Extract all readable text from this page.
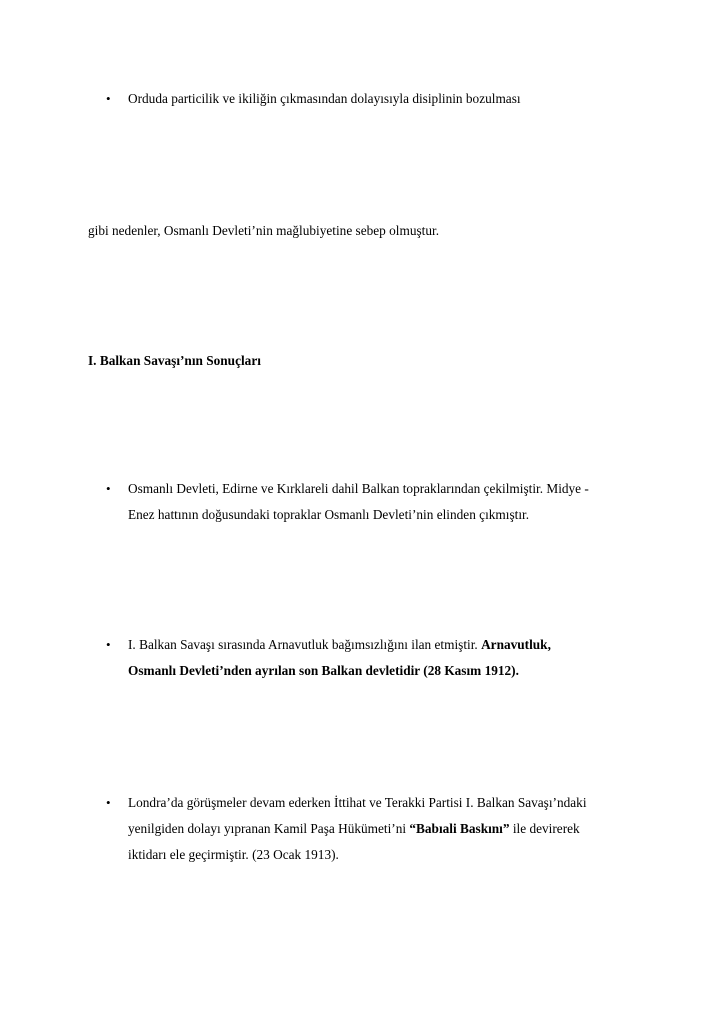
• Orduda particilik ve ikiliğin çıkmasından dolayısıyla disiplinin bozulması
gibi nedenler, Osmanlı Devleti’nin mağlubiyetine sebep olmuştur.
I. Balkan Savaşı’nın Sonuçları
• Osmanlı Devleti, Edirne ve Kırklareli dahil Balkan topraklarından çekilmiştir. Midye -
Enez hattının doğusundaki topraklar Osmanlı Devleti’nin elinden çıkmıştır.
• I. Balkan Savaşı sırasında Arnavutluk bağımsızlığını ilan etmiştir. Arnavutluk,
Osmanlı Devleti’nden ayrılan son Balkan devletidir (28 Kasım 1912).
• Londra’da görüşmeler devam ederken İttihat ve Terakki Partisi I. Balkan Savaşı’ndaki
yenilgiden dolayı yıpranan Kamil Paşa Hükümeti’ni “Babıali Baskını” ile devirerek
iktidarı ele geçirmiştir. (23 Ocak 1913).
